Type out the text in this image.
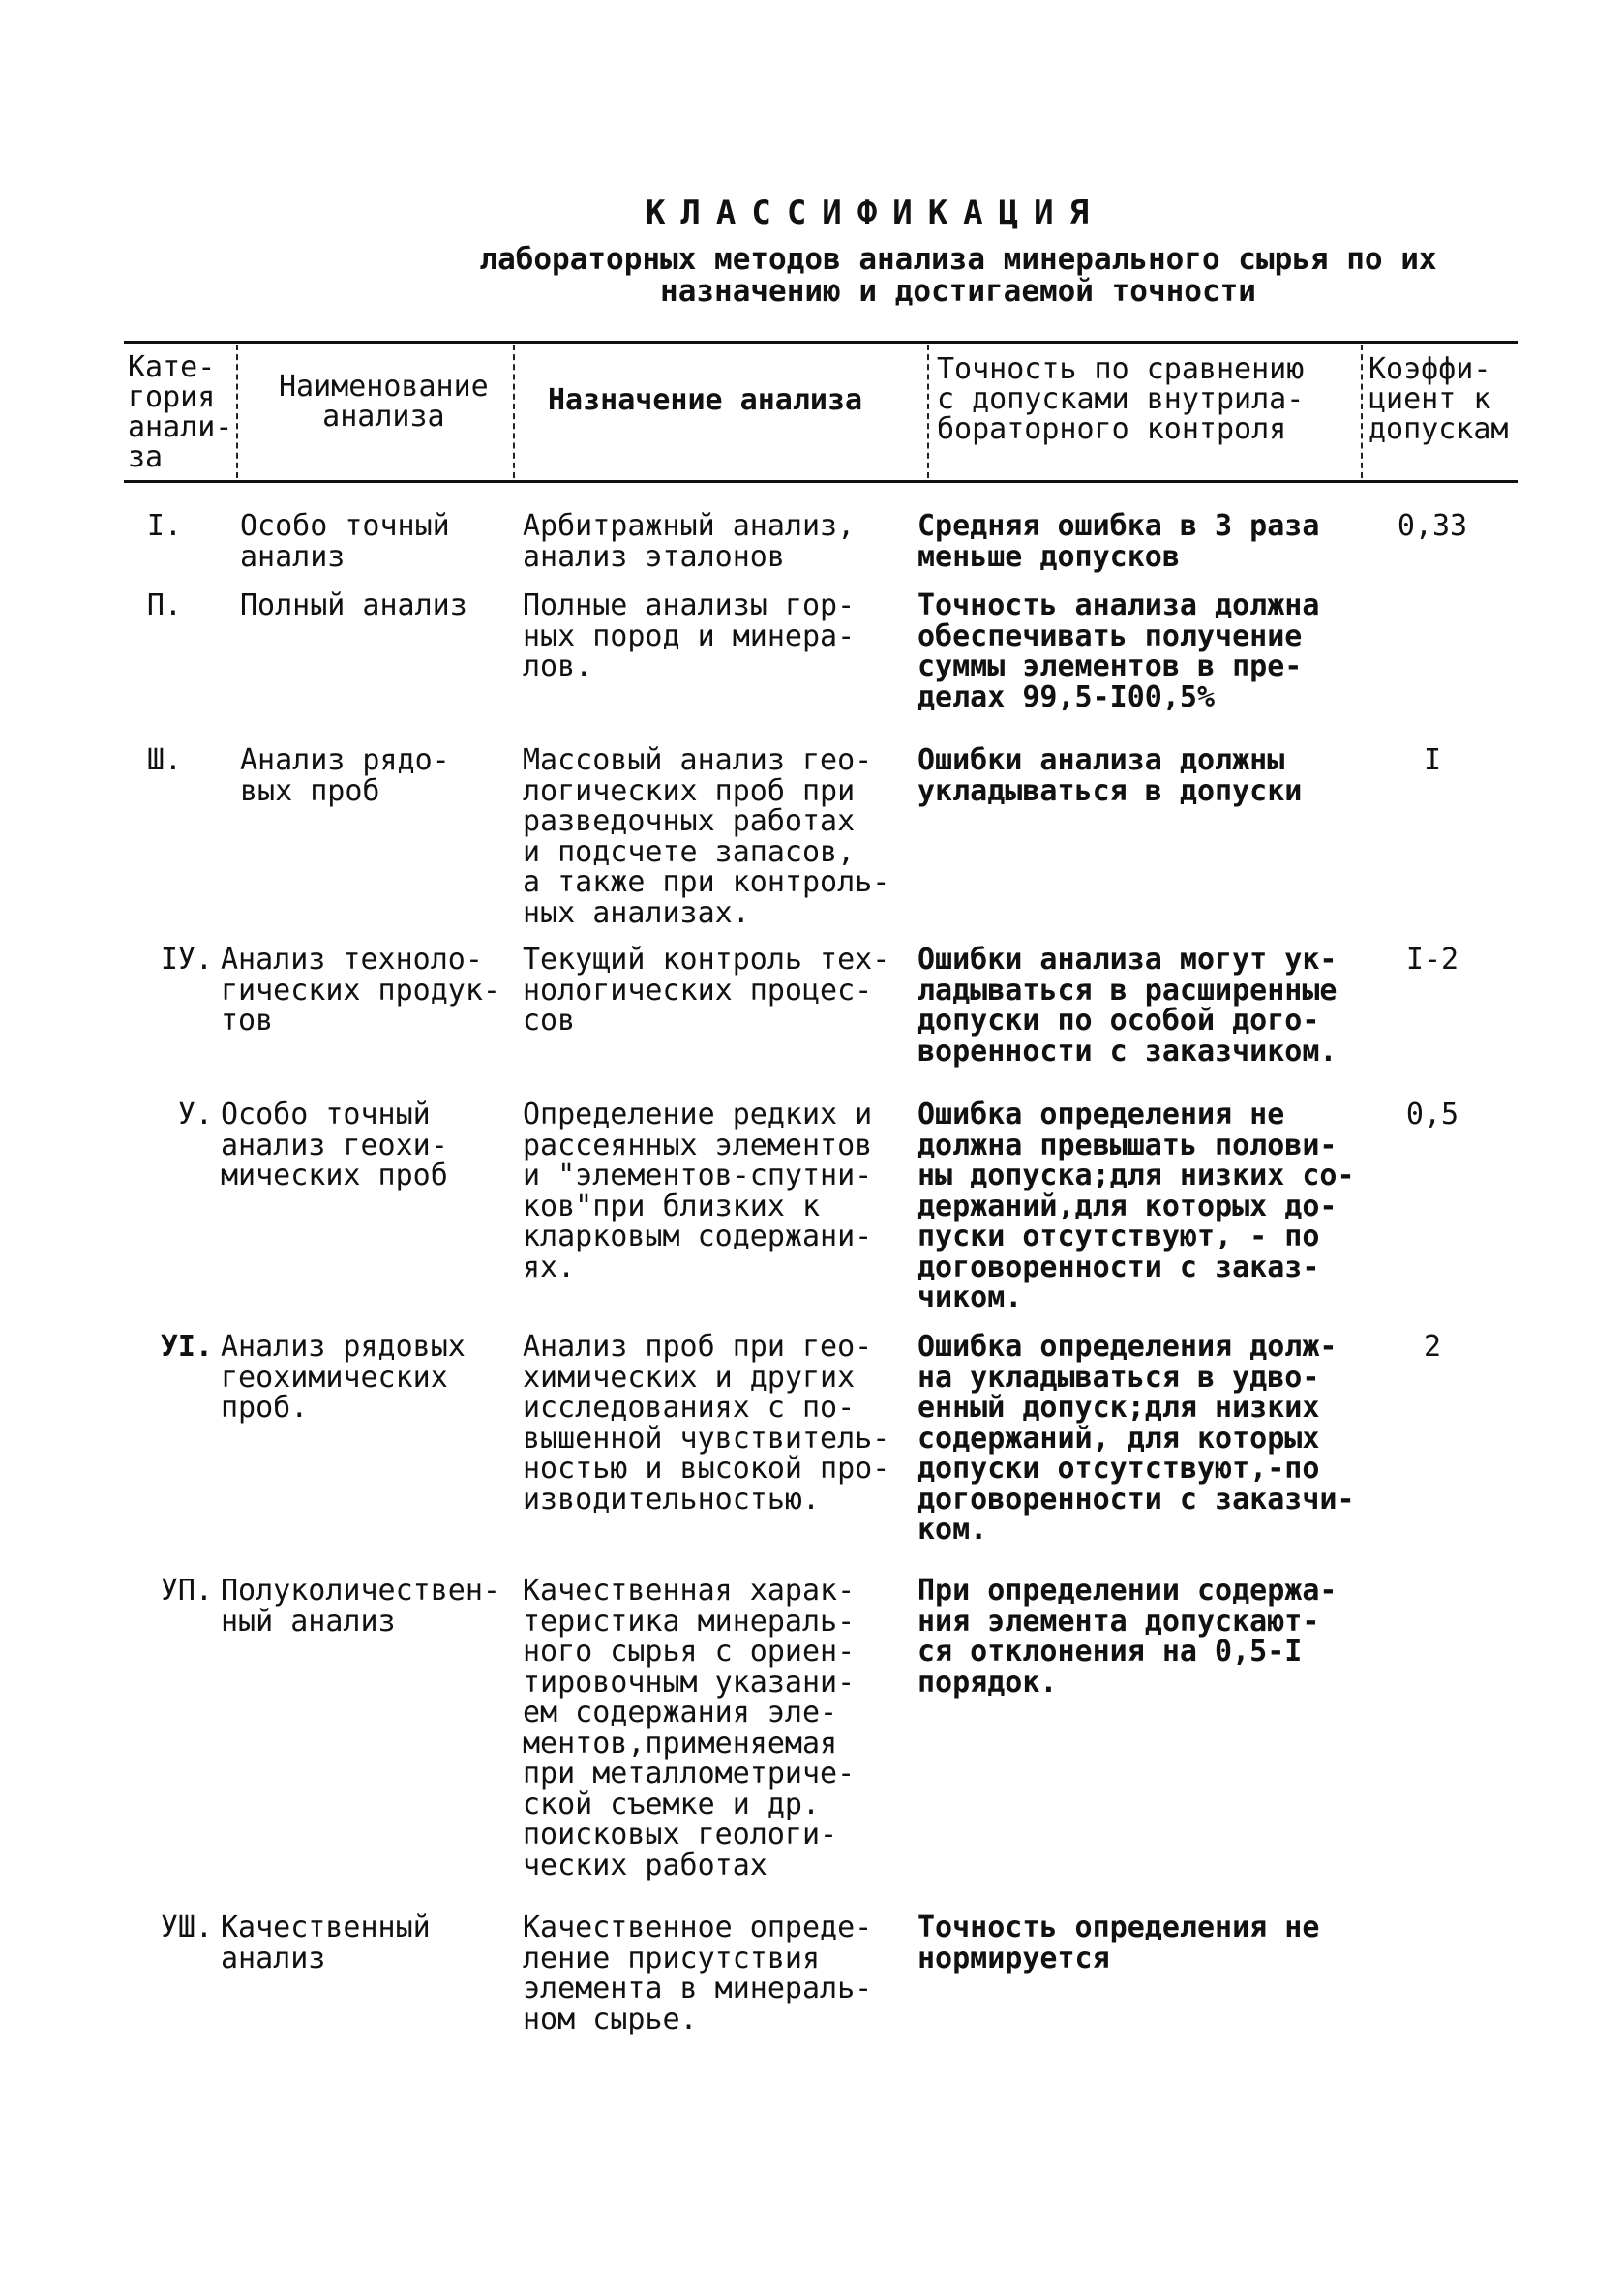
КЛАССИФИКАЦИЯ
лабораторных методов анализа минерального сырья по их назначению и достигаемой точности
Кате-
гория
анали-
за
Наименование
анализа	Назначение анализа
Точность по сравнению
с допусками внутрила-
бораторного контроля
Коэффи-
циент к
допускам
I. Особо точный
анализ
Арбитражный анализ,
анализ эталонов
Средняя ошибка в 3 раза
меньше допусков
0,33
П. Полный анализ Полные анализы гор-
ных пород и минера-
лов.
Точность анализа должна
обеспечивать получение
суммы элементов в пре-
делах 99,5-I00,5%
Ш. Анализ рядо-
вых проб
Массовый анализ гео-
логических проб при
разведочных работах
и подсчете запасов,
а также при контроль-
ных анализах.
Ошибки анализа должны
укладываться в допуски
I
IУ. Анализ техноло-
гических продук-
тов
Текущий контроль тех-
нологических процес-
сов
Ошибки анализа могут ук-
ладываться в расширенные
допуски по особой дого-
воренности с заказчиком.
I-2
У. Особо точный
анализ геохи-
мических проб
Определение редких и
рассеянных элементов
и "элементов-спутни-
ков"при близких к
кларковым содержани-
ях.
Ошибка определения не
должна превышать полови-
ны допуска;для низких со-
держаний,для которых до-
пуски отсутствуют, - по
договоренности с заказ-
чиком.
0,5
УI. Анализ рядовых
геохимических
проб.
Анализ проб при гео-
химических и других
исследованиях с по-
вышенной чувствитель-
ностью и высокой про-
изводительностью.
Ошибка определения долж-
на укладываться в удво-
енный допуск;для низких
содержаний, для которых
допуски отсутствуют,-по
договоренности с заказчи-
ком.
2
УП. Полуколичествен-
ный анализ
Качественная харак-
теристика минераль-
ного сырья с ориен-
тировочным указани-
ем содержания эле-
ментов,применяемая
при металлометриче-
ской съемке и др.
поисковых геологи-
ческих работах
При определении содержа-
ния элемента допускают-
ся отклонения на 0,5-I
порядок.
УШ. Качественный
анализ
Качественное опреде-
ление присутствия
элемента в минераль-
ном сырье.
Точность определения не
нормируется
